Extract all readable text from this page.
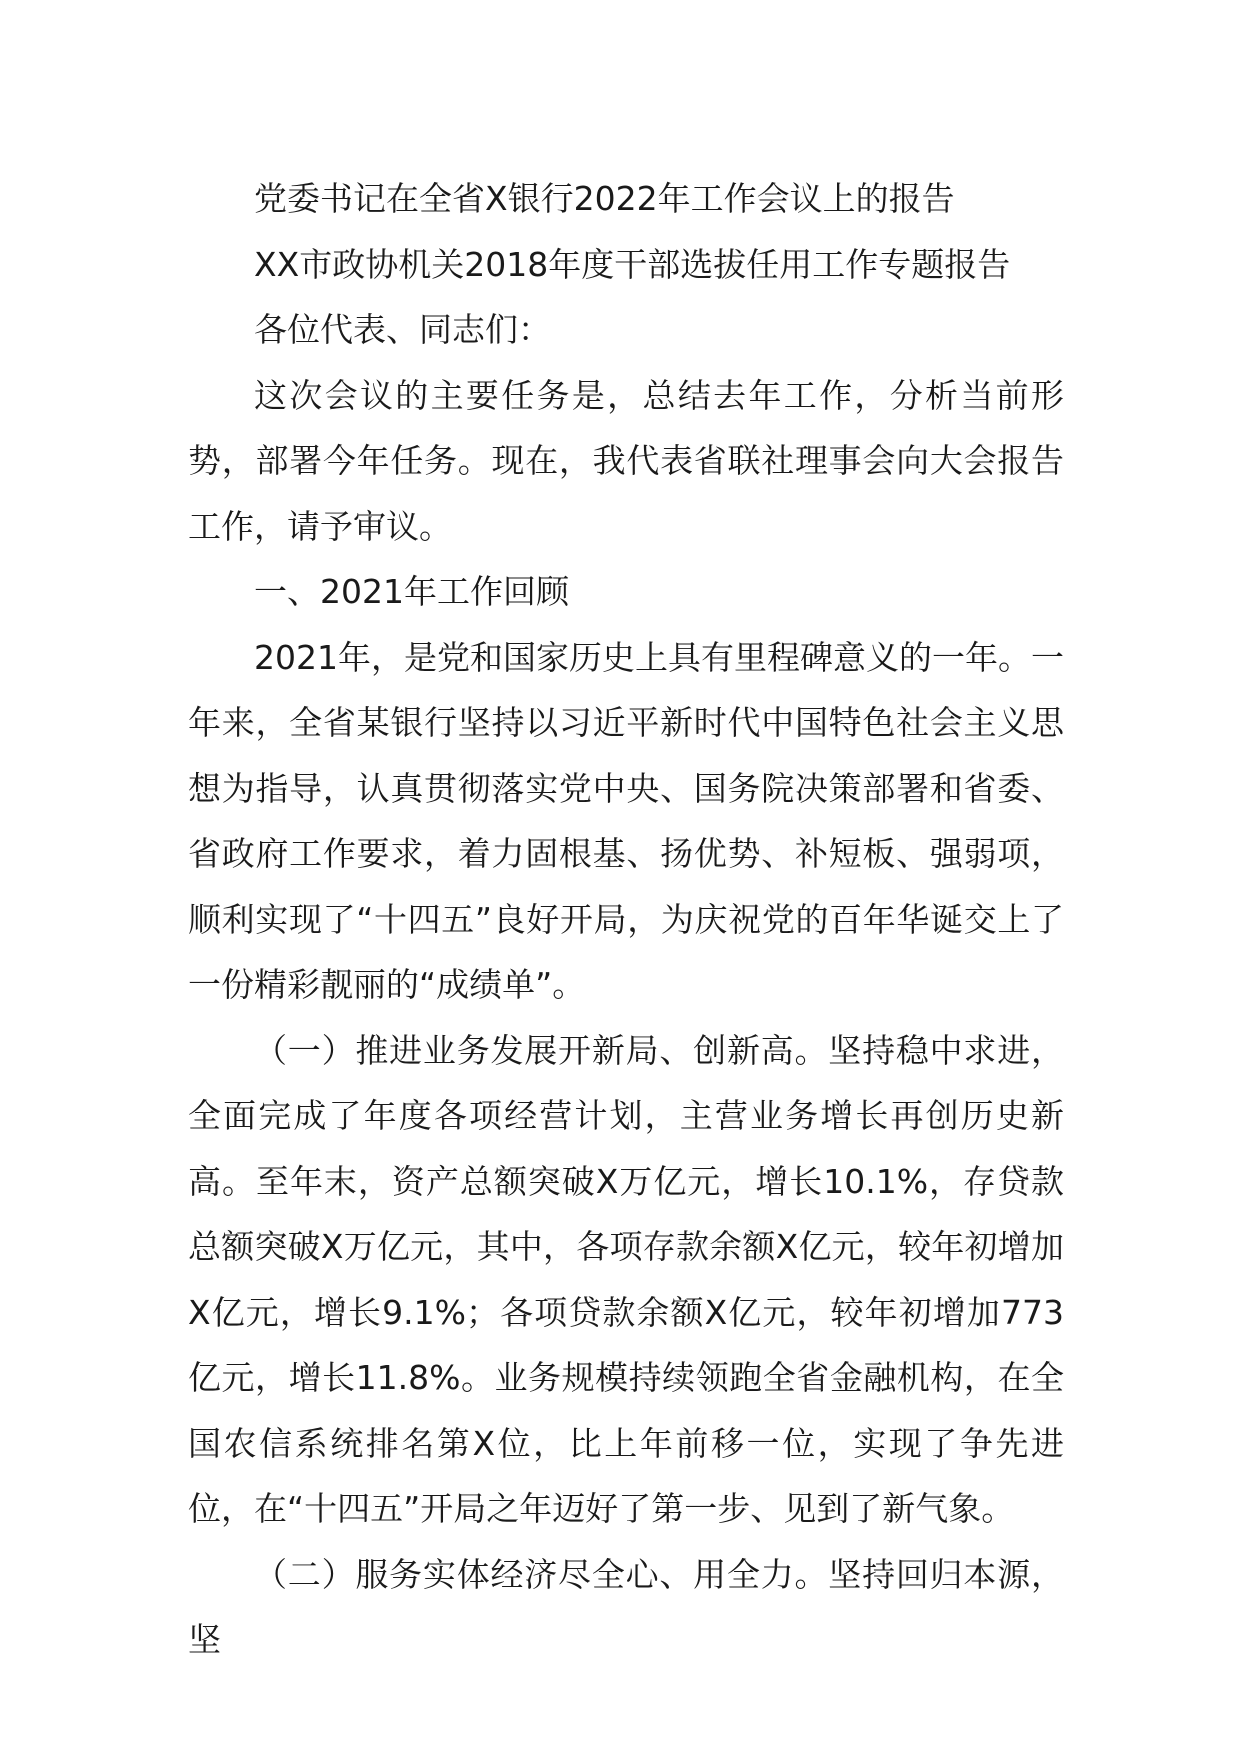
党委书记在全省X银行2022年工作会议上的报告

XX市政协机关2018年度干部选拔任用工作专题报告

各位代表、同志们：

这次会议的主要任务是，总结去年工作，分析当前形势，部署今年任务。现在，我代表省联社理事会向大会报告工作，请予审议。

一、2021年工作回顾

2021年，是党和国家历史上具有里程碑意义的一年。一年来，全省某银行坚持以习近平新时代中国特色社会主义思想为指导，认真贯彻落实党中央、国务院决策部署和省委、省政府工作要求，着力固根基、扬优势、补短板、强弱项，顺利实现了“十四五”良好开局，为庆祝党的百年华诞交上了一份精彩靓丽的“成绩单”。

（一）推进业务发展开新局、创新高。坚持稳中求进，全面完成了年度各项经营计划，主营业务增长再创历史新高。至年末，资产总额突破X万亿元，增长10.1%，存贷款总额突破X万亿元，其中，各项存款余额X亿元，较年初增加X亿元，增长9.1%；各项贷款余额X亿元，较年初增加773亿元，增长11.8%。业务规模持续领跑全省金融机构，在全国农信系统排名第X位，比上年前移一位，实现了争先进位，在“十四五”开局之年迈好了第一步、见到了新气象。

（二）服务实体经济尽全心、用全力。坚持回归本源，坚
